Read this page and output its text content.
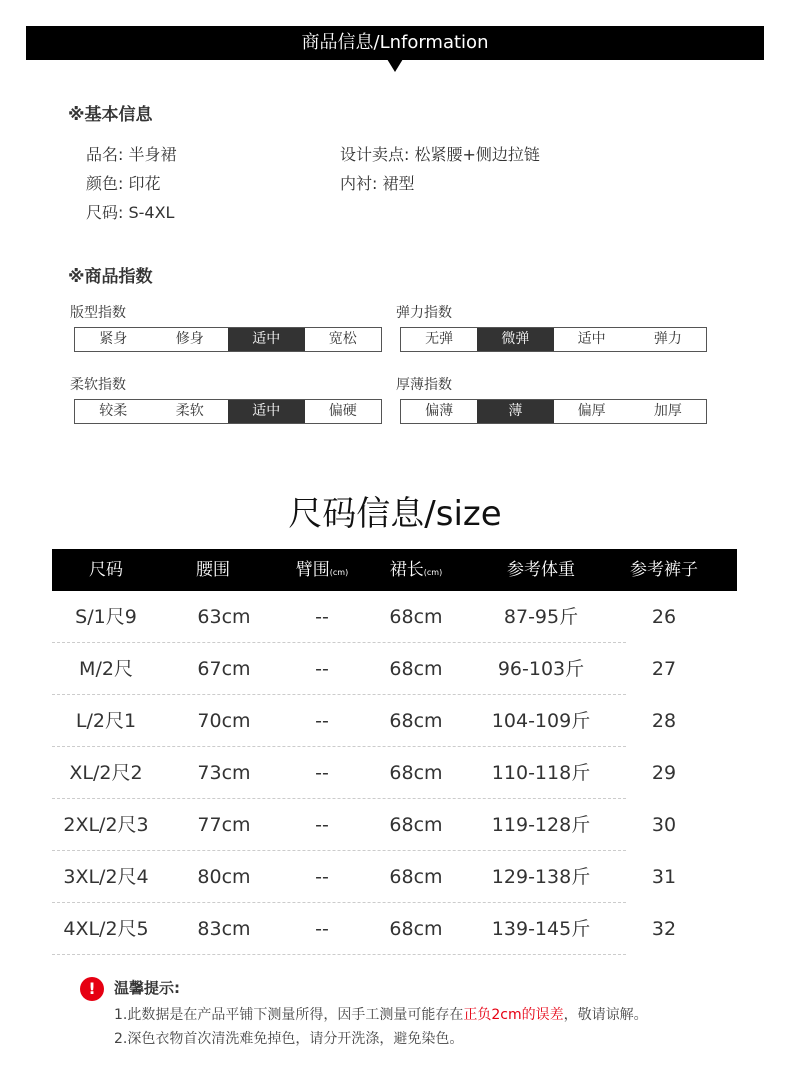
商品信息/Lnformation
※基本信息
品名: 半身裙
颜色: 印花
尺码: S-4XL
设计卖点: 松紧腰+侧边拉链
内衬: 裙型
※商品指数
版型指数
紧身	修身	适中	宽松
弹力指数
无弹	微弹	适中	弹力
柔软指数
较柔	柔软	适中	偏硬
厚薄指数
偏薄	薄	偏厚	加厚
尺码信息/size
尺码	腰围	臂围(cm) 裙长(cm)	参考体重	参考裤子
S/1尺9	63cm	--	68cm	87-95斤	26
M/2尺	67cm	--	68cm	96-103斤	27
L/2尺1	70cm	--	68cm	104-109斤	28
XL/2尺2	73cm	--	68cm	110-118斤	29
2XL/2尺3	77cm	--	68cm	119-128斤	30
3XL/2尺4	80cm	--	68cm	129-138斤	31
4XL/2尺5	83cm	--	68cm	139-145斤	32
!	温馨提示:
1.此数据是在产品平铺下测量所得，因手工测量可能存在正负2cm的误差，敬请谅解。
2.深色衣物首次清洗难免掉色，请分开洗涤，避免染色。
